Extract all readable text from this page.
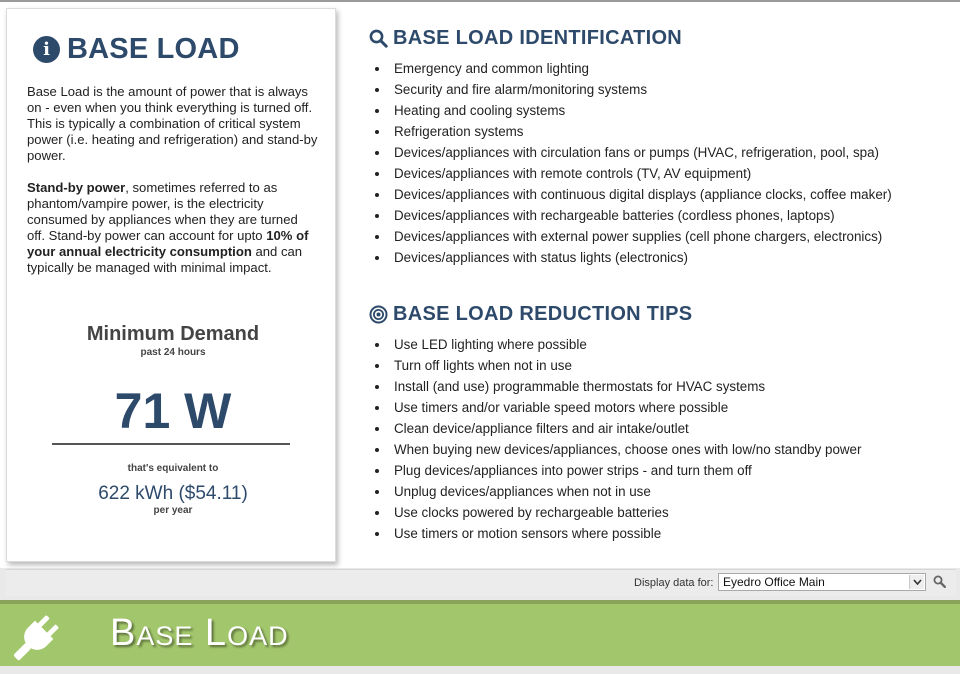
i BASE LOAD

Base Load is the amount of power that is always on - even when you think everything is turned off. This is typically a combination of critical system power (i.e. heating and refrigeration) and stand-by power.

Stand-by power, sometimes referred to as phantom/vampire power, is the electricity consumed by appliances when they are turned off. Stand-by power can account for upto 10% of your annual electricity consumption and can typically be managed with minimal impact.

Minimum Demand
past 24 hours
71 W
that's equivalent to
622 kWh ($54.11)
per year
BASE LOAD IDENTIFICATION
Emergency and common lighting
Security and fire alarm/monitoring systems
Heating and cooling systems
Refrigeration systems
Devices/appliances with circulation fans or pumps (HVAC, refrigeration, pool, spa)
Devices/appliances with remote controls (TV, AV equipment)
Devices/appliances with continuous digital displays (appliance clocks, coffee maker)
Devices/appliances with rechargeable batteries (cordless phones, laptops)
Devices/appliances with external power supplies (cell phone chargers, electronics)
Devices/appliances with status lights (electronics)
BASE LOAD REDUCTION TIPS
Use LED lighting where possible
Turn off lights when not in use
Install (and use) programmable thermostats for HVAC systems
Use timers and/or variable speed motors where possible
Clean device/appliance filters and air intake/outlet
When buying new devices/appliances, choose ones with low/no standby power
Plug devices/appliances into power strips - and turn them off
Unplug devices/appliances when not in use
Use clocks powered by rechargeable batteries
Use timers or motion sensors where possible
Display data for: Eyedro Office Main
Base Load
